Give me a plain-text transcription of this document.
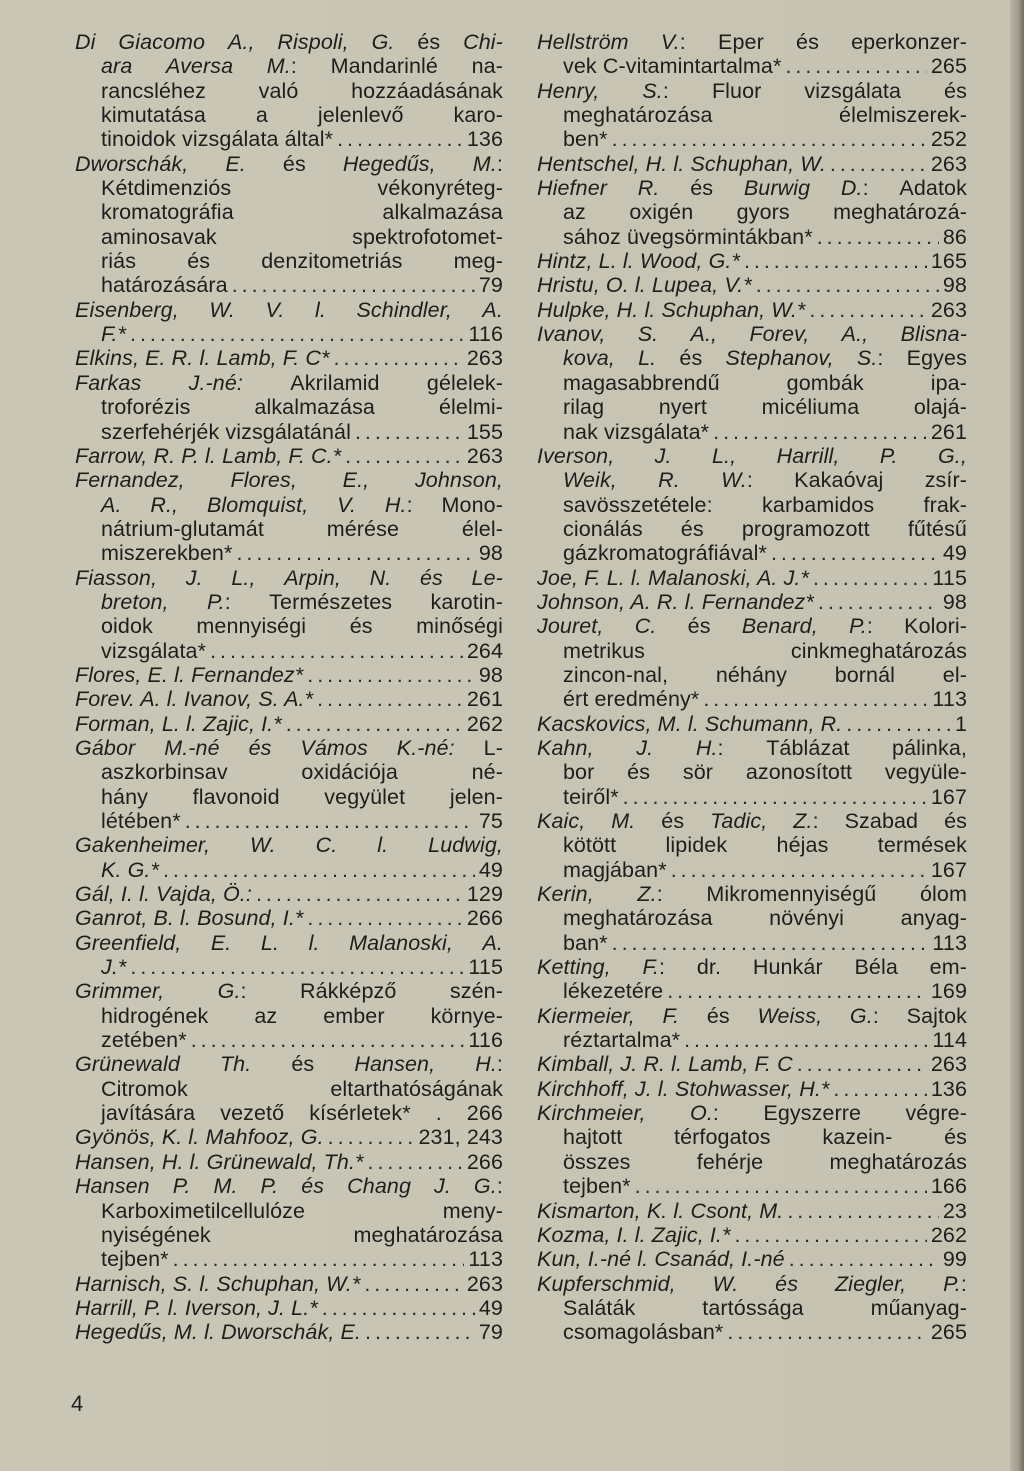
Di Giacomo A., Rispoli, G. és Chi-
ara Aversa M.: Mandarinlé na-
rancsléhez való hozzáadásának
kimutatása a jelenlevő karo-
tinoidok vizsgálata által* . . .	136
Dworschák, E. és Hegedűs, M.:
Kétdimenziós	vékonyréteg-
kromatográfia	alkalmazása
aminosavak	spektrofotomet-
riás és denzitometriás meg-
határozására . . .	79
Eisenberg, W. V. l. Schindler, A.
F.* . . .	116
Elkins, E. R. l. Lamb, F. C* . . .	263
Farkas J.-né: Akrilamid gélelek-
troforézis	alkalmazása	élelmi-
szerfehérjék vizsgálatánál . . .	155
Farrow, R. P. l. Lamb, F. C.* . . .	263
Fernandez, Flores, E., Johnson,
A. R., Blomquist, V. H.: Mono-
nátrium-glutamát	mérése	élel-
miszerekben* . . .	98
Fiasson, J. L., Arpin, N. és Le-
breton, P.: Természetes karotin-
oidok mennyiségi és minőségi
vizsgálata* . . .	264
Flores, E. l. Fernandez* . . .	98
Forev. A. l. Ivanov, S. A.* . . .	261
Forman, L. l. Zajic, I.* . . .	262
Gábor M.-né és Vámos K.-né: L-
aszkorbinsav	oxidációja	né-
hány flavonoid vegyület jelen-
létében* . . .	75
Gakenheimer, W. C. l. Ludwig,
K. G.* . . .	49
Gál, I. l. Vajda, Ö.: . . .	129
Ganrot, B. l. Bosund, I.* . . .	266
Greenfield, E. L. l. Malanoski, A.
J.* . . .	115
Grimmer, G.: Rákképző szén-
hidrogének az ember környe-
zetében* . . .	116
Grünewald Th. és Hansen, H.:
Citromok	eltarthatóságának
javítására vezető kísérletek* . 266
Gyönös, K. l. Mahfooz, G. . . .	231, 243
Hansen, H. l. Grünewald, Th.* . . .	266
Hansen P. M. P. és Chang J. G.:
Karboximetilcellulóze	meny-
nyiségének	meghatározása
tejben* . . .	113
Harnisch, S. l. Schuphan, W.* . . .	263
Harrill, P. l. Iverson, J. L.* . . .	49
Hegedűs, M. l. Dworschák, E. . . .	79
Hellström V.: Eper és eperkonzer-
vek C-vitamintartalma* . . .	265
Henry, S.: Fluor vizsgálata és
meghatározása	élelmiszerek-
ben* . . .	252
Hentschel, H. l. Schuphan, W. . . .	263
Hiefner R. és Burwig D.: Adatok
az oxigén gyors meghatározá-
sához üvegsörmintákban* . . .	86
Hintz, L. l. Wood, G.* . . .	165
Hristu, O. l. Lupea, V.* . . .	98
Hulpke, H. l. Schuphan, W.* . . .	263
Ivanov, S. A., Forev, A., Blisna-
kova, L. és Stephanov, S.: Egyes
magasabbrendű	gombák	ipa-
rilag	nyert	micéliuma	olajá-
nak vizsgálata* . . .	261
Iverson, J. L., Harrill, P. G.,
Weik, R. W.: Kakaóvaj zsír-
savösszetétele: karbamidos frak-
cionálás és programozott fűtésű
gázkromatográfiával* . . .	49
Joe, F. L. l. Malanoski, A. J.* . . .	115
Johnson, A. R. l. Fernandez* . . .	98
Jouret, C. és Benard, P.: Kolori-
metrikus	cinkmeghatározás
zincon-nal, néhány bornál el-
ért eredmény* . . .	113
Kacskovics, M. l. Schumann, R. . . .	1
Kahn, J. H.: Táblázat pálinka,
bor és sör azonosított vegyüle-
teiről* . . .	167
Kaic, M. és Tadic, Z.: Szabad és
kötött lipidek héjas termések
magjában* . . .	167
Kerin, Z.: Mikromennyiségű ólom
meghatározása	növényi	anyag-
ban* . . .	113
Ketting, F.: dr. Hunkár Béla em-
lékezetére . . .	169
Kiermeier, F. és Weiss, G.: Sajtok
réztartalma* . . .	114
Kimball, J. R. l. Lamb, F. C . . .	263
Kirchhoff, J. l. Stohwasser, H.* . . .	136
Kirchmeier, O.: Egyszerre végre-
hajtott térfogatos kazein- és
összes	fehérje	meghatározás
tejben* . . .	166
Kismarton, K. l. Csont, M. . . .	23
Kozma, I. l. Zajic, I.* . . .	262
Kun, I.-né l. Csanád, I.-né . . .	99
Kupferschmid, W. és Ziegler, P.:
Saláták	tartóssága	műanyag-
csomagolásban* . . .	265
4
